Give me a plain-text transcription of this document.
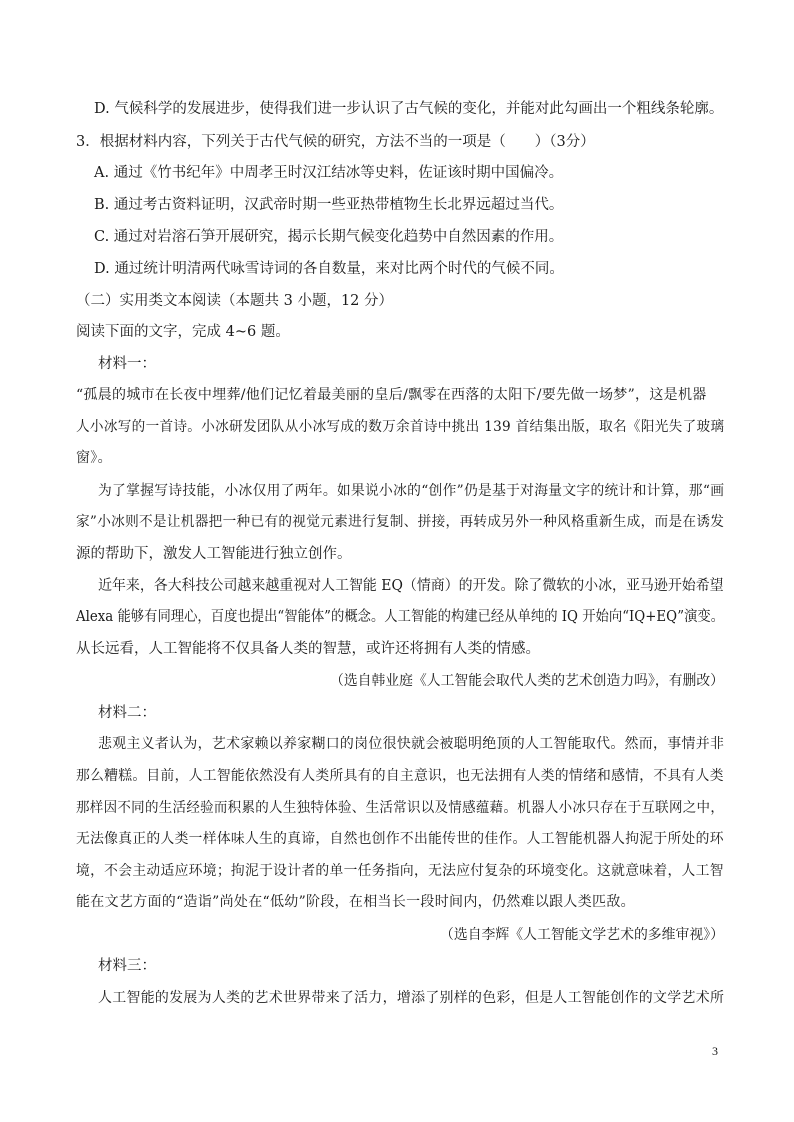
D. 气候科学的发展进步，使得我们进一步认识了古气候的变化，并能对此勾画出一个粗线条轮廓。
3．根据材料内容，下列关于古代气候的研究，方法不当的一项是（　　）（3分）
A. 通过《竹书纪年》中周孝王时汉江结冰等史料，佐证该时期中国偏冷。
B. 通过考古资料证明，汉武帝时期一些亚热带植物生长北界远超过当代。
C. 通过对岩溶石笋开展研究，揭示长期气候变化趋势中自然因素的作用。
D. 通过统计明清两代咏雪诗词的各自数量，来对比两个时代的气候不同。
（二）实用类文本阅读（本题共 3 小题，12 分）
阅读下面的文字，完成 4~6 题。
材料一：
“孤晨的城市在长夜中埋葬/他们记忆着最美丽的皇后/飘零在西落的太阳下/要先做一场梦”，这是机器
人小冰写的一首诗。小冰研发团队从小冰写成的数万余首诗中挑出 139 首结集出版，取名《阳光失了玻璃
窗》。
为了掌握写诗技能，小冰仅用了两年。如果说小冰的“创作”仍是基于对海量文字的统计和计算，那“画
家”小冰则不是让机器把一种已有的视觉元素进行复制、拼接，再转成另外一种风格重新生成，而是在诱发
源的帮助下，激发人工智能进行独立创作。
近年来，各大科技公司越来越重视对人工智能 EQ（情商）的开发。除了微软的小冰，亚马逊开始希望
Alexa 能够有同理心，百度也提出“智能体”的概念。人工智能的构建已经从单纯的 IQ 开始向“IQ+EQ”演变。
从长远看，人工智能将不仅具备人类的智慧，或许还将拥有人类的情感。
（选自韩业庭《人工智能会取代人类的艺术创造力吗》，有删改）
材料二：
悲观主义者认为，艺术家赖以养家糊口的岗位很快就会被聪明绝顶的人工智能取代。然而，事情并非
那么糟糕。目前，人工智能依然没有人类所具有的自主意识，也无法拥有人类的情绪和感情，不具有人类
那样因不同的生活经验而积累的人生独特体验、生活常识以及情感蕴藉。机器人小冰只存在于互联网之中，
无法像真正的人类一样体味人生的真谛，自然也创作不出能传世的佳作。人工智能机器人拘泥于所处的环
境，不会主动适应环境；拘泥于设计者的单一任务指向，无法应付复杂的环境变化。这就意味着，人工智
能在文艺方面的“造诣”尚处在“低幼”阶段，在相当长一段时间内，仍然难以跟人类匹敌。
（选自李辉《人工智能文学艺术的多维审视》）
材料三：
人工智能的发展为人类的艺术世界带来了活力，增添了别样的色彩，但是人工智能创作的文学艺术所
3
